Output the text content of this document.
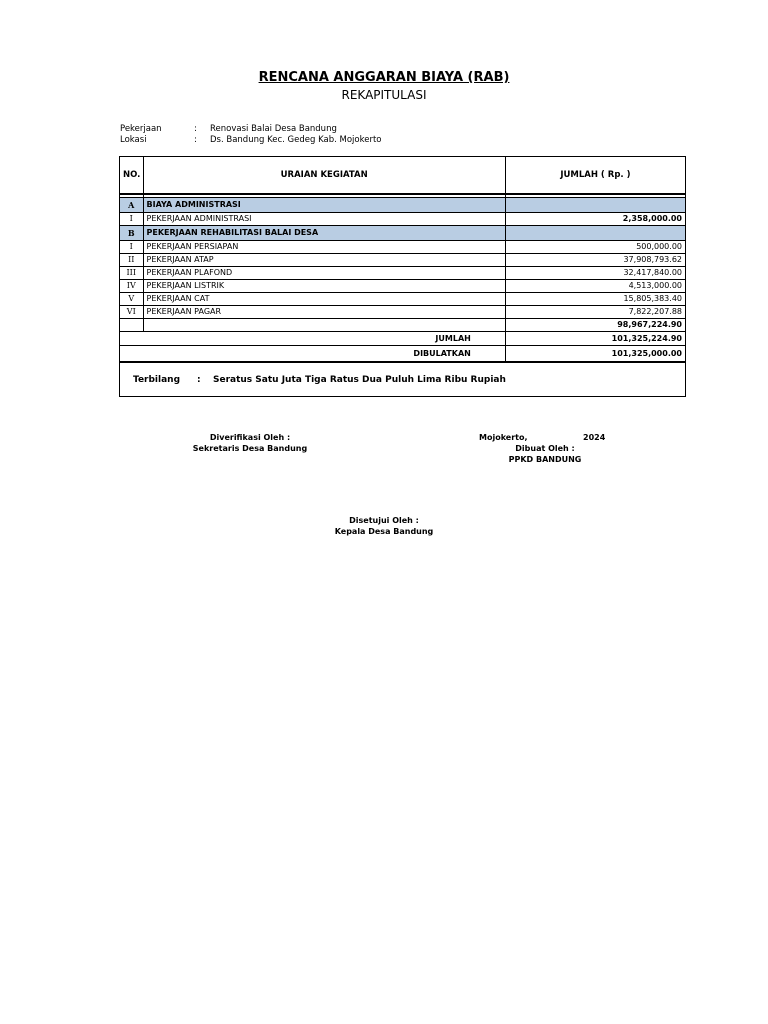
RENCANA ANGGARAN BIAYA (RAB)
REKAPITULASI
Pekerjaan	: Renovasi Balai Desa Bandung
Lokasi	: Ds. Bandung Kec. Gedeg Kab. Mojokerto
NO.	URAIAN KEGIATAN	JUMLAH ( Rp. )

A	BIAYA ADMINISTRASI	
I	PEKERJAAN ADMINISTRASI	2,358,000.00
B	PEKERJAAN REHABILITASI BALAI DESA	
I	PEKERJAAN PERSIAPAN	500,000.00
II	PEKERJAAN ATAP	37,908,793.62
III	PEKERJAAN PLAFOND	32,417,840.00
IV	PEKERJAAN LISTRIK	4,513,000.00
V	PEKERJAAN CAT	15,805,383.40
VI	PEKERJAAN PAGAR	7,822,207.88
		98,967,224.90
JUMLAH		101,325,224.90
DIBULATKAN		101,325,000.00
Terbilang : Seratus Satu Juta Tiga Ratus Dua Puluh Lima Ribu Rupiah		
Diverifikasi Oleh :
Sekretaris Desa Bandung
Mojokerto,	2024
Dibuat Oleh :
PPKD BANDUNG
Disetujui Oleh :
Kepala Desa Bandung
